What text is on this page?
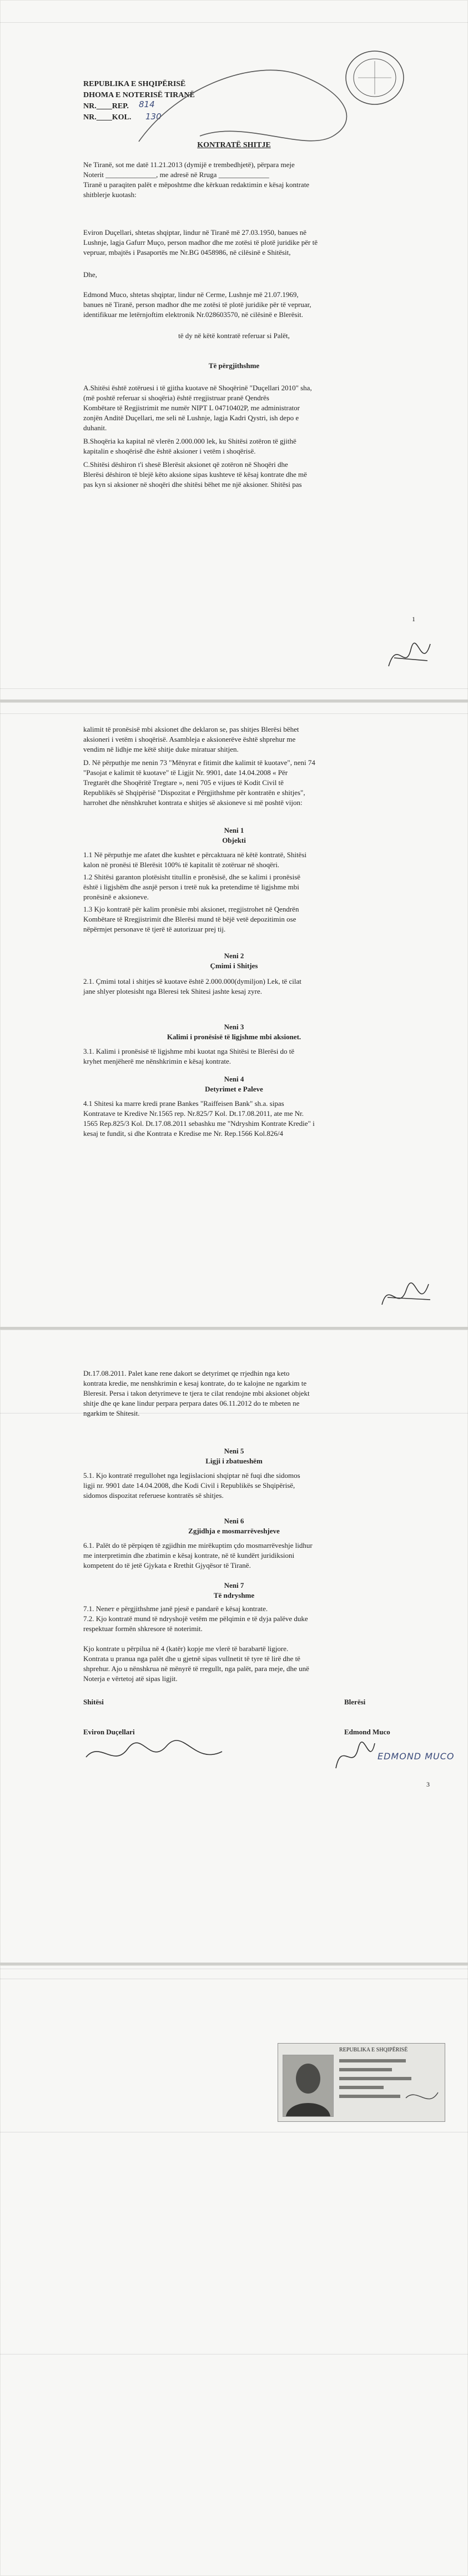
REPUBLIKA E SHQIPËRISË
DHOMA E NOTERISË TIRANË
NR.____REP.
NR.____KOL.
814
130
KONTRATË SHITJE
Ne Tiranë, sot me datë 11.21.2013 (dymijë e trembedhjetë), përpara meje
Noterit ______________, me adresë në Rruga ______________
Tiranë u paraqiten palët e mëposhtme dhe kërkuan redaktimin e kësaj kontrate
shitblerje kuotash:
Eviron Duçellari, shtetas shqiptar, lindur në Tiranë më 27.03.1950, banues në
Lushnje, lagja Gafurr Muço, person madhor dhe me zotësi të plotë juridike për të
vepruar, mbajtës i Pasaportës me Nr.BG 0458986, në cilësinë e Shitësit,
Dhe,
Edmond Muco, shtetas shqiptar, lindur në Cerme, Lushnje më 21.07.1969,
banues në Tiranë, person madhor dhe me zotësi të plotë juridike për të vepruar,
identifikuar me letërnjoftim elektronik Nr.028603570, në cilësinë e Blerësit.
të dy në këtë kontratë referuar si Palët,
Të përgjithshme
A.Shitësi është zotëruesi i të gjitha kuotave në Shoqërinë "Duçellari 2010" sha,
(më poshtë referuar si shoqëria) është rregjistruar pranë Qendrës
Kombëtare të Regjistrimit me numër NIPT L 04710402P, me administrator
zonjën Anditë Duçellari, me seli në Lushnje, lagja Kadri Qystri, ish depo e
duhanit.
B.Shoqëria ka kapital në vlerën 2.000.000 lek, ku Shitësi zotëron të gjithë
kapitalin e shoqërisë dhe është aksioner i vetëm i shoqërisë.
C.Shitësi dëshiron t'i shesë Blerësit aksionet që zotëron në Shoqëri dhe
Blerësi dëshiron të blejë këto aksione sipas kushteve të kësaj kontrate dhe më
pas kyn si aksioner në shoqëri dhe shitësi bëhet me një aksioner. Shitësi pas
1
kalimit të pronësisë mbi aksionet dhe deklaron se, pas shitjes Blerësi bëhet
aksioneri i vetëm i shoqërisë. Asambleja e aksionerëve është shprehur me
vendim në lidhje me këtë shitje duke miratuar shitjen.
D. Në përputhje me nenin 73 "Mënyrat e fitimit dhe kalimit të kuotave", neni 74
"Pasojat e kalimit të kuotave" të Ligjit Nr. 9901, date 14.04.2008 « Për
Tregtarët dhe Shoqëritë Tregtare », neni 705 e vijues të Kodit Civil të
Republikës së Shqipërisë "Dispozitat e Përgjithshme për kontratën e shitjes",
harrohet dhe nënshkruhet kontrata e shitjes së aksioneve si më poshtë vijon:
Neni 1
Objekti
1.1 Në përputhje me afatet dhe kushtet e përcaktuara në këtë kontratë, Shitësi
kalon në pronësi të Blerësit 100% të kapitalit të zotëruar në shoqëri.
1.2 Shitësi garanton plotësisht titullin e pronësisë, dhe se kalimi i pronësisë
është i ligjshëm dhe asnjë person i tretë nuk ka pretendime të ligjshme mbi
pronësinë e aksioneve.
1.3 Kjo kontratë për kalim pronësie mbi aksionet, rregjistrohet në Qendrën
Kombëtare të Rregjistrimit dhe Blerësi mund të bëjë vetë depozitimin ose
nëpërmjet personave të tjerë të autorizuar prej tij.
Neni 2
Çmimi i Shitjes
2.1. Çmimi total i shitjes së kuotave është 2.000.000(dymiljon) Lek, të cilat
jane shlyer plotesisht nga Bleresi tek Shitesi jashte kesaj zyre.
Neni 3
Kalimi i pronësisë të ligjshme mbi aksionet.
3.1. Kalimi i pronësisë të ligjshme mbi kuotat nga Shitësi te Blerësi do të
kryhet menjëherë me nënshkrimin e kësaj kontrate.
Neni 4
Detyrimet e Paleve
4.1 Shitesi ka marre kredi prane Bankes "Raiffeisen Bank" sh.a. sipas
Kontratave te Kredive Nr.1565 rep. Nr.825/7 Kol. Dt.17.08.2011, ate me Nr.
1565 Rep.825/3 Kol. Dt.17.08.2011 sebashku me "Ndryshim Kontrate Kredie" i
kesaj te fundit, si dhe Kontrata e Kredise me Nr. Rep.1566 Kol.826/4
Dt.17.08.2011. Palet kane rene dakort se detyrimet qe rrjedhin nga keto
kontrata kredie, me nenshkrimin e kesaj kontrate, do te kalojne ne ngarkim te
Bleresit. Persa i takon detyrimeve te tjera te cilat rendojne mbi aksionet objekt
shitje dhe qe kane lindur perpara perpara dates 06.11.2012 do te mbeten ne
ngarkim te Shitesit.
Neni 5
Ligji i zbatueshëm
5.1. Kjo kontratë rregullohet nga legjislacioni shqiptar në fuqi dhe sidomos
ligji nr. 9901 date 14.04.2008, dhe Kodi Civil i Republikës se Shqipërisë,
sidomos dispozitat referuese kontratës së shitjes.
Neni 6
Zgjidhja e mosmarrëveshjeve
6.1. Palët do të përpiqen të zgjidhin me mirëkuptim çdo mosmarrëveshje lidhur
me interpretimin dhe zbatimin e kësaj kontrate, në të kundërt juridiksioni
kompetent do të jetë Gjykata e Rrethit Gjyqësor të Tiranë.
Neni 7
Të ndryshme
7.1. Neneт e përgjithshme janë pjesë e pandarë e kësaj kontrate.
7.2. Kjo kontratë mund të ndryshojë vetëm me pëlqimin e të dyja palëve duke
respektuar formën shkresore të noterimit.
Kjo kontrate u përpilua në 4 (katër) kopje me vlerë të barabartë ligjore.
Kontrata u pranua nga palët dhe u gjetnë sipas vullnetit të tyre të lirë dhe të
shprehur. Ajo u nënshkrua në mënyrë të rregullt, nga palët, para meje, dhe unë
Noterja e vërtetoj atë sipas ligjit.
Shitësi	Blerësi
Eviron Duçellari	Edmond Muco
EDMOND MUCO
3
REPUBLIKA E SHQIPËRISË
